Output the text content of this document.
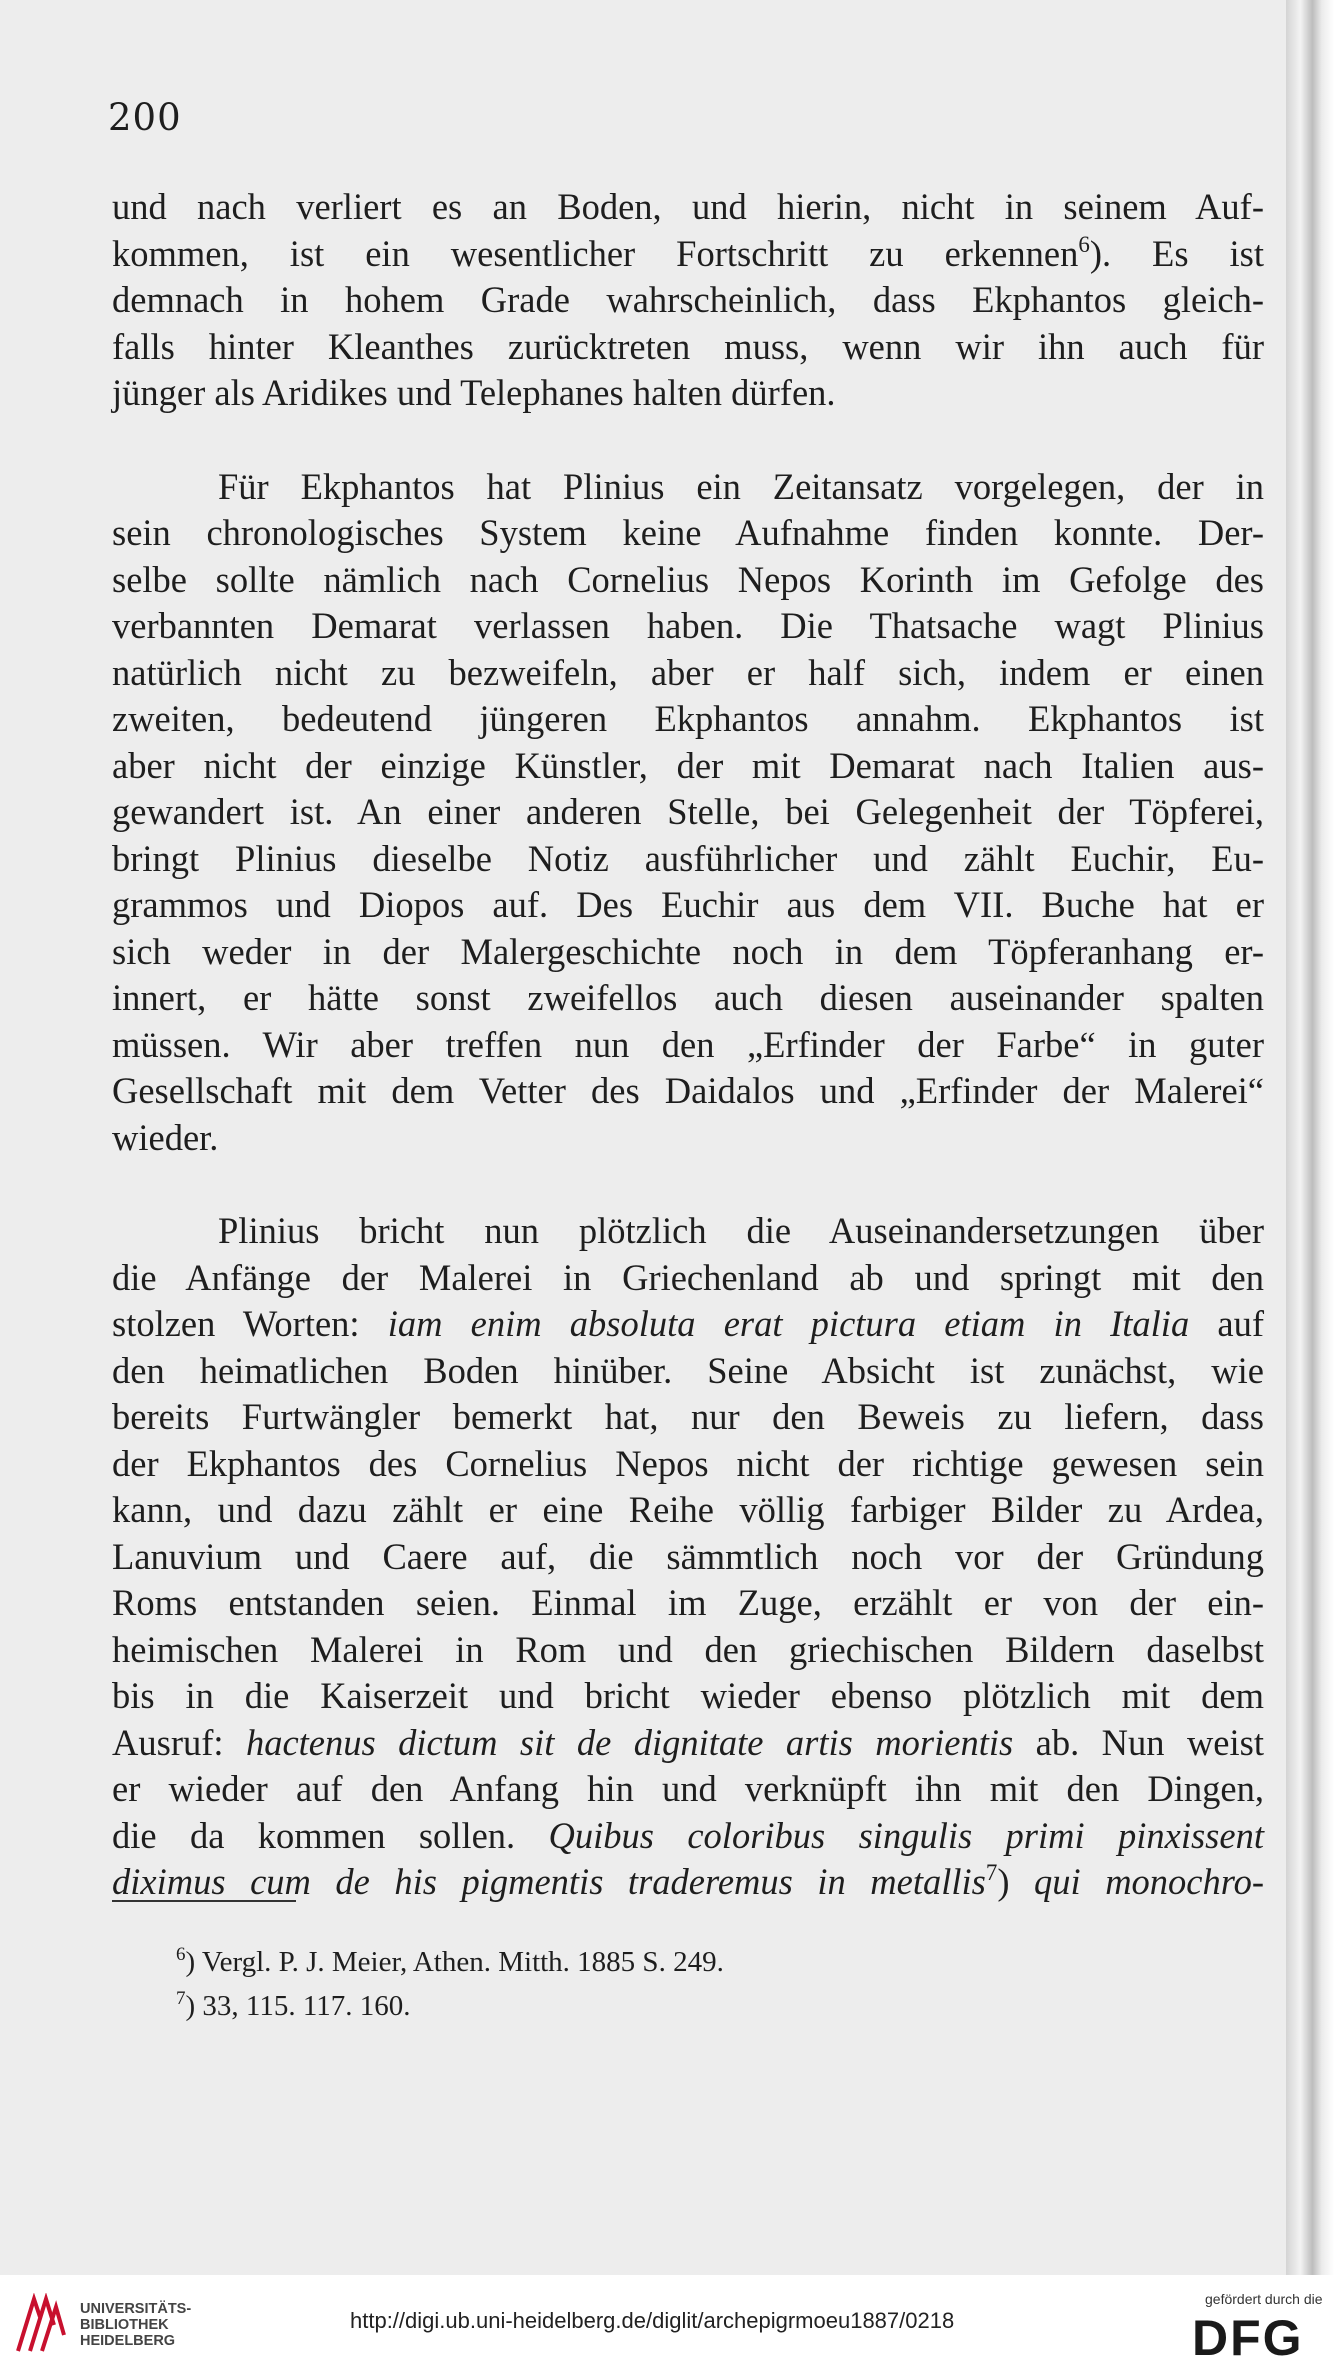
200
und nach verliert es an Boden, und hierin, nicht in seinem Auf-
kommen, ist ein wesentlicher Fortschritt zu erkennen$^6$). Es ist
demnach in hohem Grade wahrscheinlich, dass Ekphantos gleich-
falls hinter Kleanthes zurücktreten muss, wenn wir ihn auch für
jünger als Aridikes und Telephanes halten dürfen.
Für Ekphantos hat Plinius ein Zeitansatz vorgelegen, der in
sein chronologisches System keine Aufnahme finden konnte. Der-
selbe sollte nämlich nach Cornelius Nepos Korinth im Gefolge des
verbannten Demarat verlassen haben. Die Thatsache wagt Plinius
natürlich nicht zu bezweifeln, aber er half sich, indem er einen
zweiten, bedeutend jüngeren Ekphantos annahm. Ekphantos ist
aber nicht der einzige Künstler, der mit Demarat nach Italien aus-
gewandert ist. An einer anderen Stelle, bei Gelegenheit der Töpferei,
bringt Plinius dieselbe Notiz ausführlicher und zählt Euchir, Eu-
grammos und Diopos auf. Des Euchir aus dem VII. Buche hat er
sich weder in der Malergeschichte noch in dem Töpferanhang er-
innert, er hätte sonst zweifellos auch diesen auseinander spalten
müssen. Wir aber treffen nun den „Erfinder der Farbe“ in guter
Gesellschaft mit dem Vetter des Daidalos und „Erfinder der Malerei“
wieder.
Plinius bricht nun plötzlich die Auseinandersetzungen über
die Anfänge der Malerei in Griechenland ab und springt mit den
stolzen Worten: iam enim absoluta erat pictura etiam in Italia auf
den heimatlichen Boden hinüber. Seine Absicht ist zunächst, wie
bereits Furtwängler bemerkt hat, nur den Beweis zu liefern, dass
der Ekphantos des Cornelius Nepos nicht der richtige gewesen sein
kann, und dazu zählt er eine Reihe völlig farbiger Bilder zu Ardea,
Lanuvium und Caere auf, die sämmtlich noch vor der Gründung
Roms entstanden seien. Einmal im Zuge, erzählt er von der ein-
heimischen Malerei in Rom und den griechischen Bildern daselbst
bis in die Kaiserzeit und bricht wieder ebenso plötzlich mit dem
Ausruf: hactenus dictum sit de dignitate artis morientis ab. Nun weist
er wieder auf den Anfang hin und verknüpft ihn mit den Dingen,
die da kommen sollen. Quibus coloribus singulis primi pinxissent
diximus cum de his pigmentis traderemus in metallis$^7$) qui monochro-
$^6$) Vergl. P. J. Meier, Athen. Mitth. 1885 S. 249.
$^7$) 33, 115. 117. 160.
UNIVERSITÄTS-
BIBLIOTHEK
HEIDELBERG
http://digi.ub.uni-heidelberg.de/diglit/archepigrmoeu1887/0218
gefördert durch die
DFG
